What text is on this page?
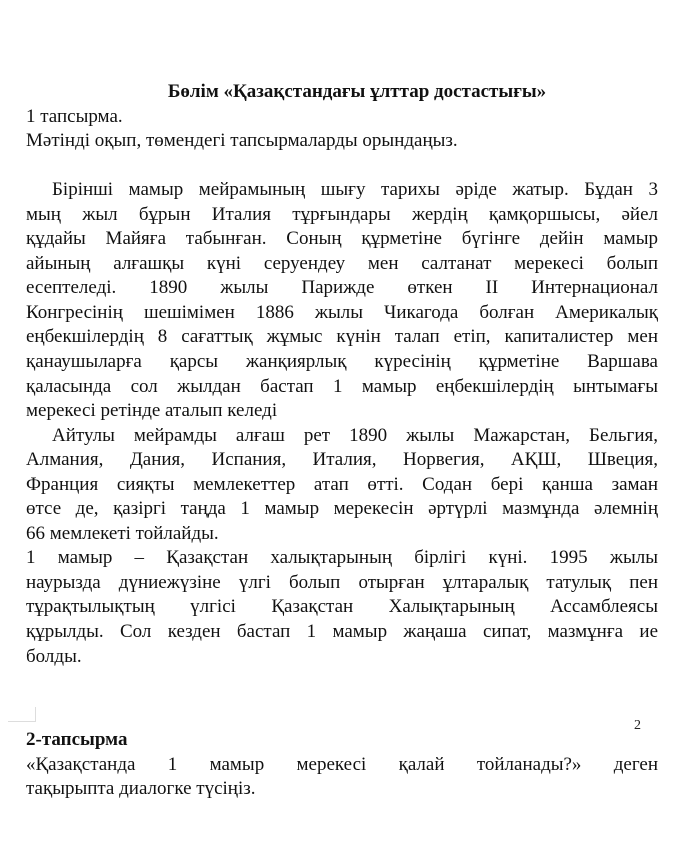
Бөлім «Қазақстандағы ұлттар достастығы»
1 тапсырма.
Мәтінді оқып, төмендегі тапсырмаларды орындаңыз.
Бірінші мамыр мейрамының шығу тарихы әріде жатыр. Бұдан 3
мың жыл бұрын Италия тұрғындары жердің қамқоршысы, әйел
құдайы Майяға табынған. Соның құрметіне бүгінге дейін мамыр
айының алғашқы күні серуендеу мен салтанат мерекесі болып
есептеледі. 1890 жылы Парижде өткен II Интернационал
Конгресінің шешімімен 1886 жылы Чикагода болған Америкалық
еңбекшілердің 8 сағаттық жұмыс күнін талап етіп, капиталистер мен
қанаушыларға қарсы жанқиярлық күресінің құрметіне Варшава
қаласында сол жылдан бастап 1 мамыр еңбекшілердің ынтымағы
мерекесі ретінде аталып келеді
Айтулы мейрамды алғаш рет 1890 жылы Мажарстан, Бельгия,
Алмания, Дания, Испания, Италия, Норвегия, АҚШ, Швеция,
Франция сияқты мемлекеттер атап өтті. Содан бері қанша заман
өтсе де, қазіргі таңда 1 мамыр мерекесін әртүрлі мазмұнда әлемнің
66 мемлекеті тойлайды.
1 мамыр – Қазақстан халықтарының бірлігі күні. 1995 жылы
наурызда дүниежүзіне үлгі болып отырған ұлтаралық татулық пен
тұрақтылықтың үлгісі Қазақстан Халықтарының Ассамблеясы
құрылды. Сол кезден бастап 1 мамыр жаңаша сипат, мазмұнға ие
болды.
2
2-тапсырма
«Қазақстанда 1 мамыр мерекесі қалай тойланады?» деген
тақырыпта диалогке түсіңіз.
